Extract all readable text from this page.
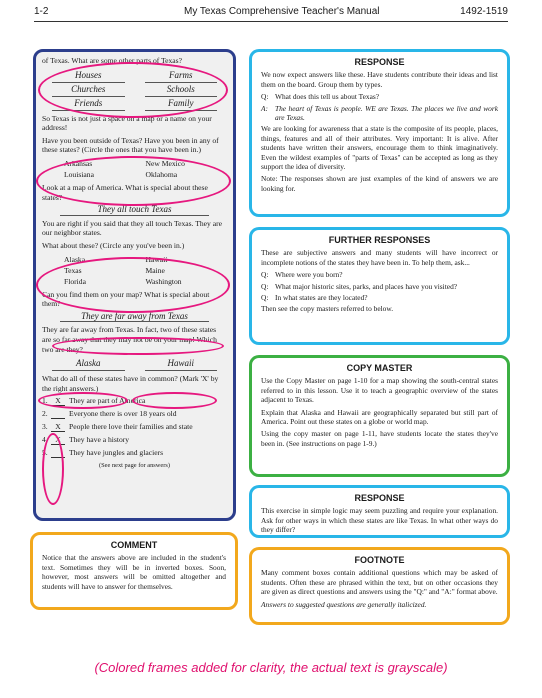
1-2	My Texas Comprehensive Teacher's Manual	1492-1519

of Texas. What are some other parts of Texas?

Houses	Farms
Churches	Schools
Friends	Family

So Texas is not just a space on a map or a name on your address!

Have you been outside of Texas? Have you been in any of these states? (Circle the ones that you have been in.)

Arkansas	New Mexico
Louisiana	Oklahoma

Look at a map of America. What is special about these states?

They all touch Texas

You are right if you said that they all touch Texas. They are our neighbor states.

What about these? (Circle any you've been in.)

Alaska	Hawaii
Texas	Maine
Florida	Washington

Can you find them on your map? What is special about them?

They are far away from Texas

They are far away from Texas. In fact, two of these states are so far away that they may not be on your map! Which two are they?

Alaska	Hawaii

What do all of these states have in common? (Mark 'X' by the right answers.)

1. X	They are part of America
2.	Everyone there is over 18 years old
3. X	People there love their families and state
4. X	They have a history
5.	They have jungles and glaciers

(See next page for answers)

COMMENT

Notice that the answers above are included in the student's text. Sometimes they will be in inverted boxes. Soon, however, most answers will be omitted altogether and students will have to answer for themselves.

RESPONSE

We now expect answers like these. Have students contribute their ideas and list them on the board. Group them by types.

Q: What does this tell us about Texas?
A: The heart of Texas is people. WE are Texas. The places we live and work are Texas.

We are looking for awareness that a state is the composite of its people, places, things, features and all of their attributes. Very important: It is alive. After students have written their answers, encourage them to think imaginatively. Even the wildest examples of "parts of Texas" can be accepted as long as they support the idea of diversity.

Note: The responses shown are just examples of the kind of answers we are looking for.

FURTHER RESPONSES

These are subjective answers and many students will have incorrect or incomplete notions of the states they have been in. To help them, ask...

Q: Where were you born?
Q: What major historic sites, parks, and places have you visited?
Q: In what states are they located?

Then see the copy masters referred to below.

COPY MASTER

Use the Copy Master on page 1-10 for a map showing the south-central states referred to in this lesson. Use it to teach a geographic overview of the states adjacent to Texas.

Explain that Alaska and Hawaii are geographically separated but still part of America. Point out these states on a globe or world map.

Using the copy master on page 1-11, have students locate the states they've been in. (See instructions on page 1-9.)

RESPONSE

This exercise in simple logic may seem puzzling and require your explanation. Ask for other ways in which these states are like Texas. In what other ways do they differ?

FOOTNOTE

Many comment boxes contain additional questions which may be asked of students. Often these are phrased within the text, but on other occasions they are given as direct questions and answers using the "Q:" and "A:" format above.

Answers to suggested questions are generally italicized.

(Colored frames added for clarity, the actual text is grayscale)
